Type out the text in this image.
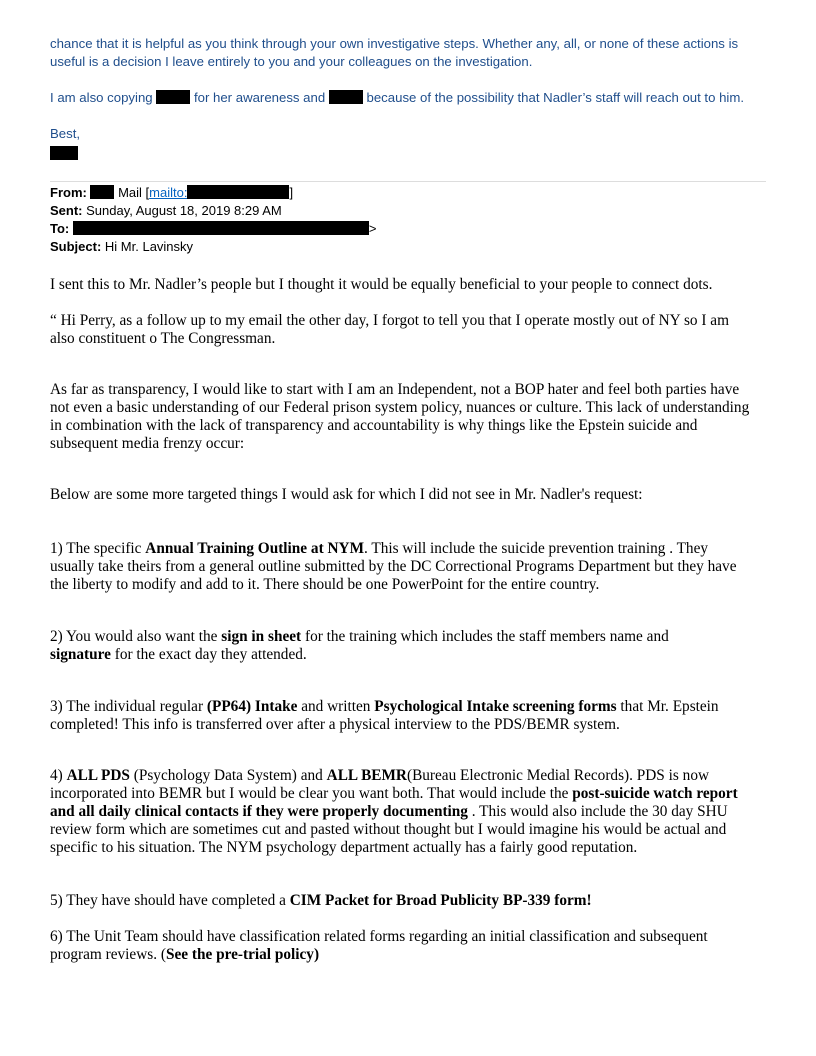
chance that it is helpful as you think through your own investigative steps. Whether any, all, or none of these actions is
useful is a decision I leave entirely to you and your colleagues on the investigation.
I am also copying	for her awareness and	because of the possibility that Nadler’s staff will reach out to him.
Best,

From:  Mail [mailto:	]
Sent: Sunday, August 18, 2019 8:29 AM
To:	>
Subject: Hi Mr. Lavinsky
I sent this to Mr. Nadler’s people but I thought it would be equally beneficial to your people to connect dots.
“ Hi Perry, as a follow up to my email the other day, I forgot to tell you that I operate mostly out of NY so I am also constituent o The Congressman.
As far as transparency, I would like to start with I am an Independent, not a BOP hater and feel both parties have not even a basic understanding of our Federal prison system policy, nuances or culture. This lack of understanding in combination with the lack of transparency and accountability is why things like the Epstein suicide and subsequent media frenzy occur:
Below are some more targeted things I would ask for which I did not see in Mr. Nadler's request:
1) The specific Annual Training Outline at NYM. This will include the suicide prevention training . They usually take theirs from a general outline submitted by the DC Correctional Programs Department but they have the liberty to modify and add to it. There should be one PowerPoint for the entire country.
2) You would also want the sign in sheet for the training which includes the staff members name and signature for the exact day they attended.
3) The individual regular (PP64) Intake and written Psychological Intake screening forms that Mr. Epstein completed! This info is transferred over after a physical interview to the PDS/BEMR system.
4) ALL PDS (Psychology Data System) and ALL BEMR(Bureau Electronic Medial Records). PDS is now incorporated into BEMR but I would be clear you want both. That would include the post-suicide watch report and all daily clinical contacts if they were properly documenting . This would also include the 30 day SHU review form which are sometimes cut and pasted without thought but I would imagine his would be actual and specific to his situation. The NYM psychology department actually has a fairly good reputation.
5) They have should have completed a CIM Packet for Broad Publicity BP-339 form!
6) The Unit Team should have classification related forms regarding an initial classification and subsequent program reviews. (See the pre-trial policy)
